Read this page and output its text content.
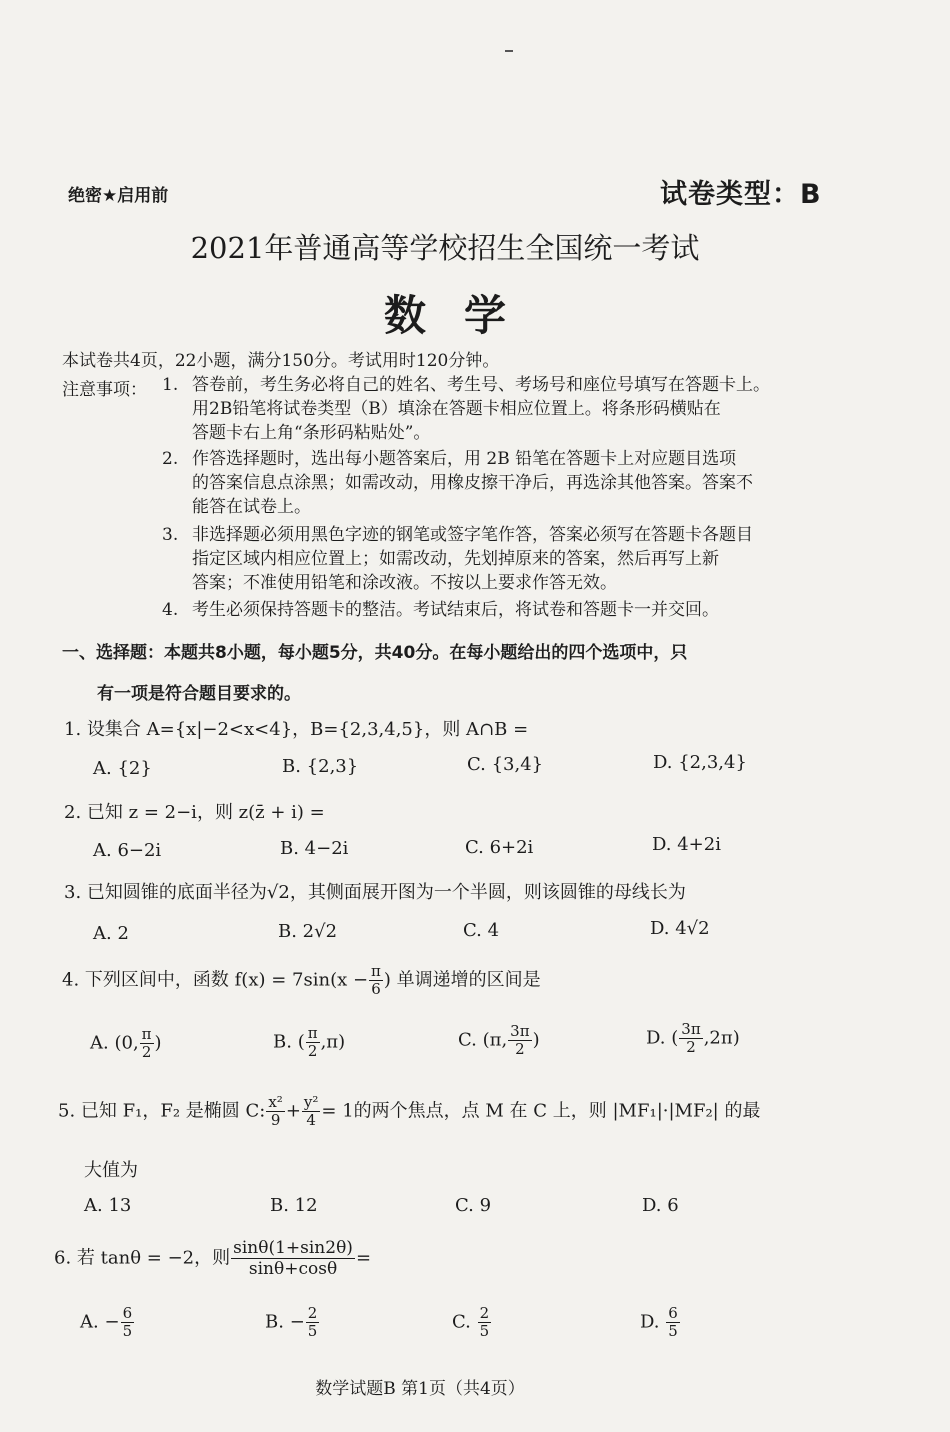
绝密★启用前	试卷类型：B
2021年普通高等学校招生全国统一考试
数学
本试卷共4页，22小题，满分150分。考试用时120分钟。
注意事项： 1. 答卷前，考生务必将自己的姓名、考生号、考场号和座位号填写在答题卡上。
用2B铅笔将试卷类型（B）填涂在答题卡相应位置上。将条形码横贴在
答题卡右上角“条形码粘贴处”。
2. 作答选择题时，选出每小题答案后，用 2B 铅笔在答题卡上对应题目选项
的答案信息点涂黑；如需改动，用橡皮擦干净后，再选涂其他答案。答案不
能答在试卷上。
3. 非选择题必须用黑色字迹的钢笔或签字笔作答，答案必须写在答题卡各题目
指定区域内相应位置上；如需改动，先划掉原来的答案，然后再写上新
答案；不准使用铅笔和涂改液。不按以上要求作答无效。
4. 考生必须保持答题卡的整洁。考试结束后，将试卷和答题卡一并交回。
一、选择题：本题共8小题，每小题5分，共40分。在每小题给出的四个选项中，只
有一项是符合题目要求的。
1. 设集合 A={x|−2<x<4}，B={2,3,4,5}，则 A∩B =
A. {2}	B. {2,3}	C. {3,4}	D. {2,3,4}
2. 已知 z = 2−i，则 z(z̄ + i) =
A. 6−2i	B. 4−2i	C. 6+2i	D. 4+2i
3. 已知圆锥的底面半径为√2，其侧面展开图为一个半圆，则该圆锥的母线长为
A. 2	B. 2√2	C. 4	D. 4√2
4. 下列区间中，函数 $f(x) = 7\sin(x - \frac{\pi}{6}$ ) 单调递增的区间是
A. (0, $\frac{\pi}{2}$ )	B. ( $\frac{\pi}{2} ,\pi$)	C. (π, $\frac{3\pi}{2}$ )	D. ( $\frac{3\pi}{2} ,2\pi$)
5. 已知 F₁，F₂ 是椭圆 C: $\frac{\text{x²}}{9} + \frac{\text{y²}}{4} = 1$的两个焦点，点 M 在 C 上，则 |MF₁|·|MF₂| 的最
大值为
A. 13	B. 12	C. 9	D. 6
6. 若 tanθ = −2，则 $\frac{\sin\theta(1+\sin 2\theta)}{\sin\theta+\cos\theta}$ =
A. − $\frac{6}{5}$	B. − $\frac{2}{5}$	C. $\frac{2}{5}$	D. $\frac{6}{5}$
数学试题B 第1页（共4页）
